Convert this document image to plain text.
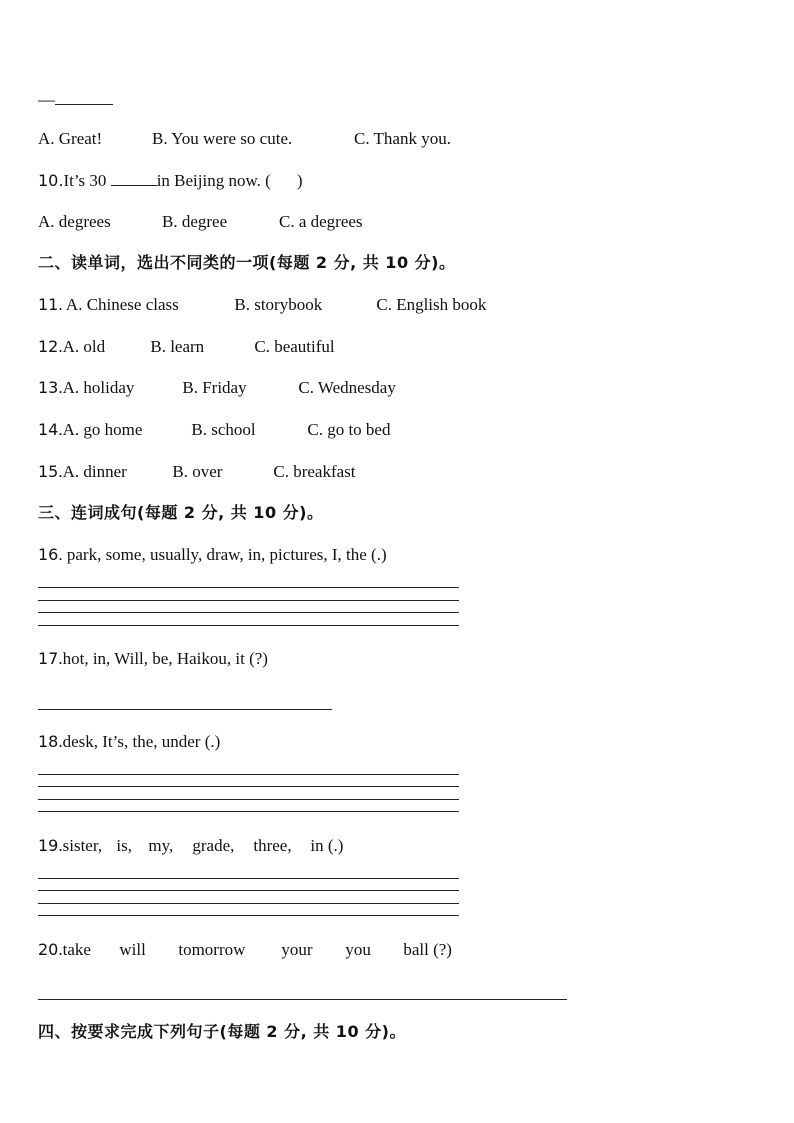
—
A. Great!	B. You were so cute.	C. Thank you.
10.It’s 30	in Beijing now. ( )
A. degrees	B. degree	C. a degrees
二、读单词，选出不同类的一项(每题 2 分, 共 10 分)。
11. A. Chinese class	B. storybook	C. English book
12.A. old	B. learn	C. beautiful
13.A. holiday	B. Friday	C. Wednesday
14.A. go home	B. school	C. go to bed
15.A. dinner	B. over	C. breakfast
三、连词成句(每题 2 分, 共 10 分)。
16. park, some, usually, draw, in, pictures, I, the (.)
17.hot, in, Will, be, Haikou, it (?)
18.desk, It’s, the, under (.)
19.sister, is, my, grade, three, in (.)
20.take will tomorrow your you ball (?)
四、按要求完成下列句子(每题 2 分, 共 10 分)。
